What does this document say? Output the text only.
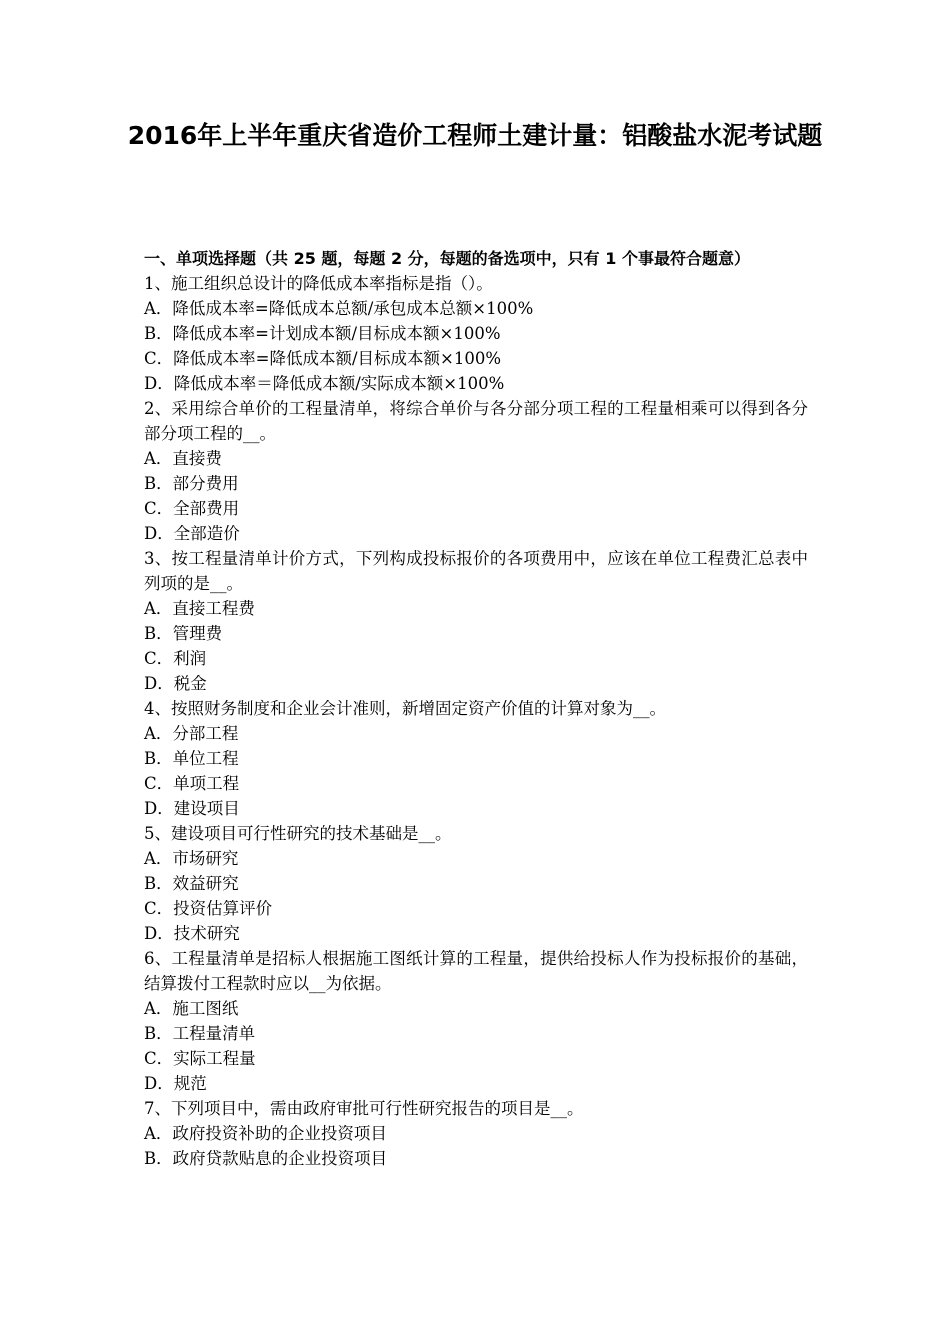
2016年上半年重庆省造价工程师土建计量：铝酸盐水泥考试题

一、单项选择题（共 25 题，每题 2 分，每题的备选项中，只有 1 个事最符合题意）

1、施工组织总设计的降低成本率指标是指（）。

A．降低成本率=降低成本总额/承包成本总额×100%

B．降低成本率=计划成本额/目标成本额×100%

C．降低成本率=降低成本额/目标成本额×100%

D．降低成本率＝降低成本额/实际成本额×100%

2、采用综合单价的工程量清单，将综合单价与各分部分项工程的工程量相乘可以得到各分部分项工程的__。

A．直接费

B．部分费用

C．全部费用

D．全部造价

3、按工程量清单计价方式，下列构成投标报价的各项费用中，应该在单位工程费汇总表中列项的是__。

A．直接工程费

B．管理费

C．利润

D．税金

4、按照财务制度和企业会计准则，新增固定资产价值的计算对象为__。

A．分部工程

B．单位工程

C．单项工程

D．建设项目

5、建设项目可行性研究的技术基础是__。

A．市场研究

B．效益研究

C．投资估算评价

D．技术研究

6、工程量清单是招标人根据施工图纸计算的工程量，提供给投标人作为投标报价的基础，结算拨付工程款时应以__为依据。

A．施工图纸

B．工程量清单

C．实际工程量

D．规范

7、下列项目中，需由政府审批可行性研究报告的项目是__。

A．政府投资补助的企业投资项目

B．政府贷款贴息的企业投资项目
